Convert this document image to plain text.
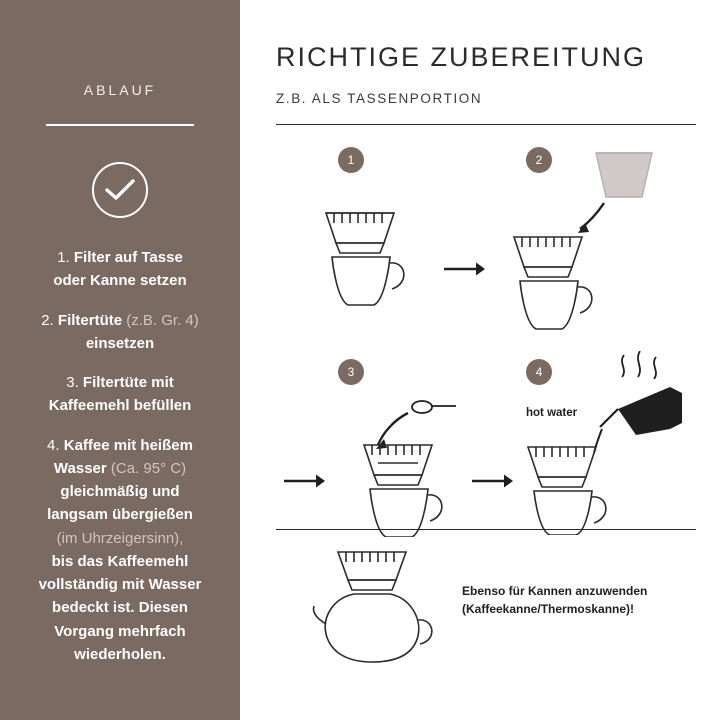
ABLAUF
1. Filter auf Tasse
oder Kanne setzen
2. Filtertüte (z.B. Gr. 4)
einsetzen
3. Filtertüte mit
Kaffeemehl befüllen
4. Kaffee mit heißem
Wasser (Ca. 95° C)
gleichmäßig und
langsam übergießen
(im Uhrzeigersinn),
bis das Kaffeemehl
vollständig mit Wasser
bedeckt ist. Diesen
Vorgang mehrfach
wiederholen.
RICHTIGE ZUBEREITUNG
Z.B. ALS TASSENPORTION
1	2
3	4
hot water
Ebenso für Kannen anzuwenden
(Kaffeekanne/Thermoskanne)!
